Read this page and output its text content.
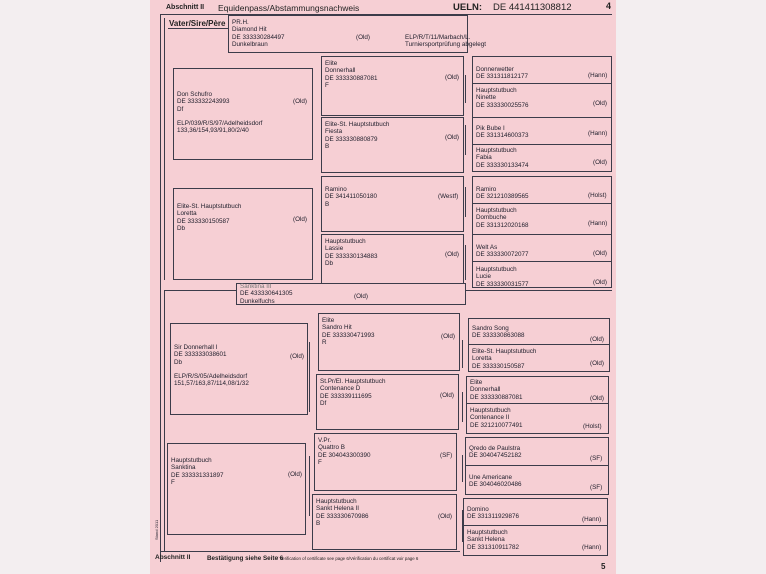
Abschnitt II Equidenpass/Abstammungsnachweis	UELN: DE 441411308812	4
Stand 2011
Vater/Sire/Père PR.H.
Diamond Hit
DE 333330284497
Dunkelbraun
(Old)	ELP/R/T/11/Marbach/L.
Turniersportprüfung abgelegt
Don Schufro
DE 333332243993
Df

ELP/039/R/S/97/Adelheidsdorf
133,36/154,93/91,80/2/40
(Old)
Elite-St. Hauptstutbuch
Loretta
DE 333330150587
Db
(Old)
Elite
Donnerhall
DE 333330887081
F
(Old)
Elite-St. Hauptstutbuch
Fiesta
DE 333330880879
B
(Old)
Ramino
DE 341411050180
B
(Westf)
Hauptstutbuch
Lassie
DE 333330134883
Db
(Old)
Donnerwetter
DE 331311812177	(Hann)
Hauptstutbuch
Ninette
DE 333330025576	(Old)
Pik Bube I
DE 331314600373	(Hann)
Hauptstutbuch
Fabia
DE 333330133474	(Old)
Ramiro
DE 321210389565	(Holst)
Hauptstutbuch
Dombuche
DE 331312020168	(Hann)
Welt As
DE 333330072077	(Old)
Hauptstutbuch
Lucie
DE 333330031577	(Old)
Sanktina III
DE 433330641305
Dunkelfuchs
(Old)
Sir Donnerhall I
DE 333333038601
Db

ELP/R/S/05/Adelheidsdorf
151,57/163,87/114,08/1/32
(Old)
Hauptstutbuch
Sanktina
DE 333331331897
F
(Old)
Elite
Sandro Hit
DE 333330471993
R
(Old)
St.Pr/El. Hauptstutbuch
Contenance D
DE 333339111695
Df
(Old)
V.Pr.
Quattro B
DE 304043300390
F
(SF)
Hauptstutbuch
Sankt Helena II
DE 333330670986
B
(Old)
Sandro Song
DE 333330863088
(Old)
Elite-St. Hauptstutbuch
Loretta
DE 333330150587	(Old)
Elite
Donnerhall
DE 333330887081	(Old)
Hauptstutbuch
Contenance II
DE 321210077491	(Holst)
Qredo de Paulstra
DE 304047452182	(SF)
Une Americane
DE 304046020486	(SF)
Domino
DE 331311929876	(Hann)
Hauptstutbuch
Sankt Helena
DE 331310911782	(Hann)
Abschnitt II	Bestätigung siehe Seite 6
/ Verification of certificate see page 6/Vérification du certificat voir page 6
5
